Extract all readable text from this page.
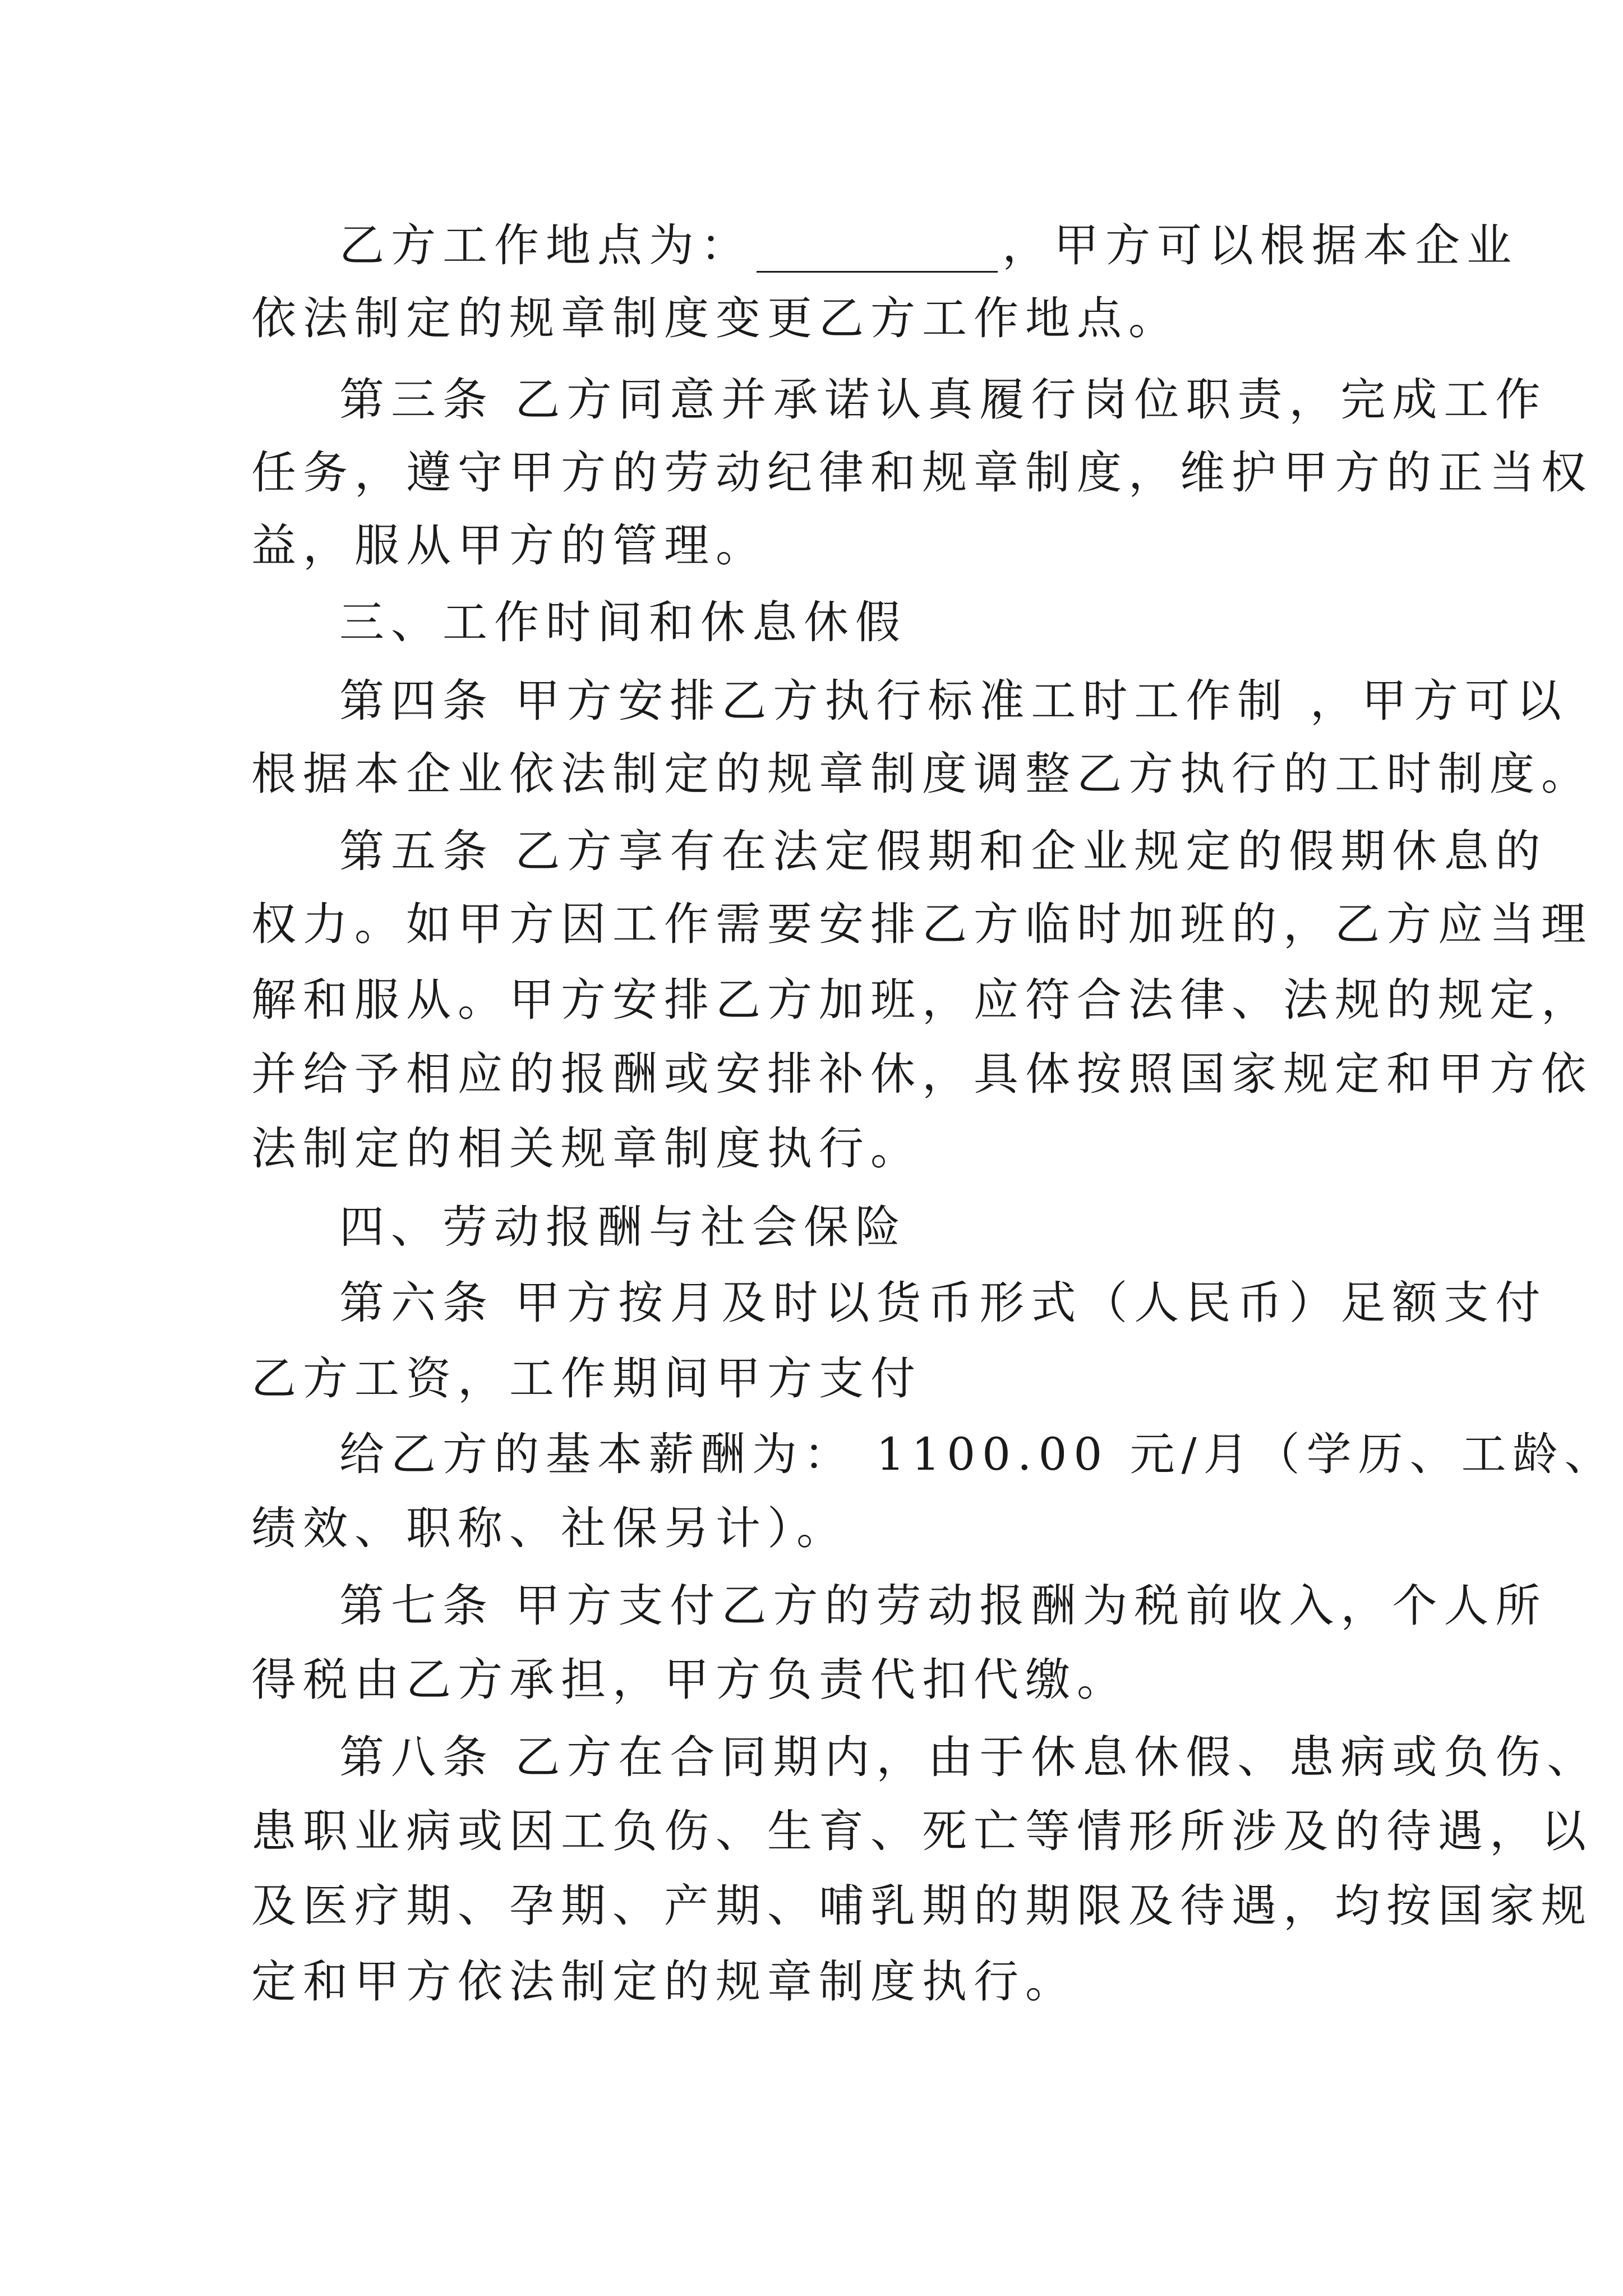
乙方工作地点为：	，甲方可以根据本企业
依法制定的规章制度变更乙方工作地点。
第三条 乙方同意并承诺认真履行岗位职责，完成工作
任务，遵守甲方的劳动纪律和规章制度，维护甲方的正当权
益，服从甲方的管理。
三、工作时间和休息休假
第四条 甲方安排乙方执行标准工时工作制 ，甲方可以
根据本企业依法制定的规章制度调整乙方执行的工时制度。
第五条 乙方享有在法定假期和企业规定的假期休息的
权力。如甲方因工作需要安排乙方临时加班的，乙方应当理
解和服从。甲方安排乙方加班，应符合法律、法规的规定，
并给予相应的报酬或安排补休，具体按照国家规定和甲方依
法制定的相关规章制度执行。
四、劳动报酬与社会保险
第六条 甲方按月及时以货币形式（人民币）足额支付
乙方工资，工作期间甲方支付
给乙方的基本薪酬为： 1100.00 元/月（学历、工龄、
绩效、职称、社保另计）。
第七条 甲方支付乙方的劳动报酬为税前收入，个人所
得税由乙方承担，甲方负责代扣代缴。
第八条 乙方在合同期内，由于休息休假、患病或负伤、
患职业病或因工负伤、生育、死亡等情形所涉及的待遇，以
及医疗期、孕期、产期、哺乳期的期限及待遇，均按国家规
定和甲方依法制定的规章制度执行。
